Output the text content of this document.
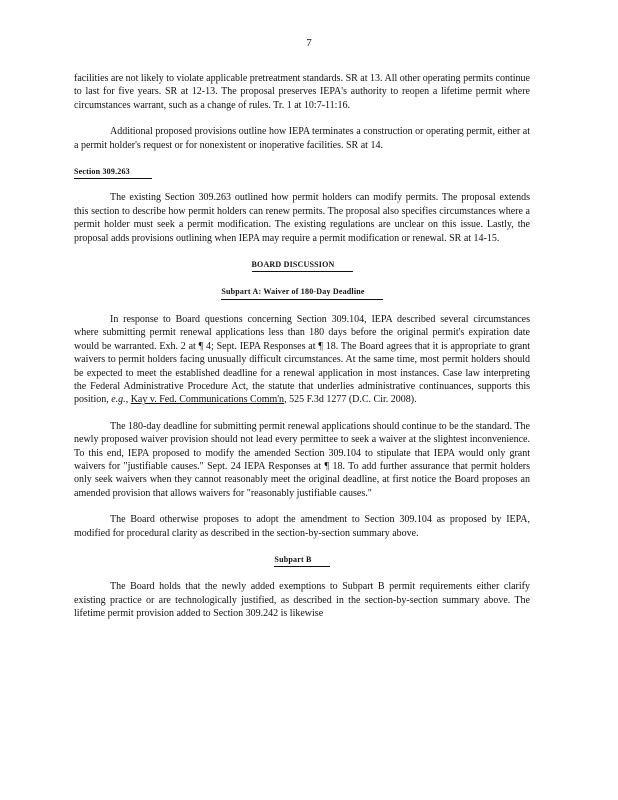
7

facilities are not likely to violate applicable pretreatment standards. SR at 13. All other operating permits continue to last for five years. SR at 12-13. The proposal preserves IEPA's authority to reopen a lifetime permit where circumstances warrant, such as a change of rules. Tr. 1 at 10:7-11:16.

Additional proposed provisions outline how IEPA terminates a construction or operating permit, either at a permit holder's request or for nonexistent or inoperative facilities. SR at 14.

Section 309.263

The existing Section 309.263 outlined how permit holders can modify permits. The proposal extends this section to describe how permit holders can renew permits. The proposal also specifies circumstances where a permit holder must seek a permit modification. The existing regulations are unclear on this issue. Lastly, the proposal adds provisions outlining when IEPA may require a permit modification or renewal. SR at 14-15.

BOARD DISCUSSION
Subpart A: Waiver of 180-Day Deadline

In response to Board questions concerning Section 309.104, IEPA described several circumstances where submitting permit renewal applications less than 180 days before the original permit's expiration date would be warranted. Exh. 2 at ¶ 4; Sept. IEPA Responses at ¶ 18. The Board agrees that it is appropriate to grant waivers to permit holders facing unusually difficult circumstances. At the same time, most permit holders should be expected to meet the established deadline for a renewal application in most instances. Case law interpreting the Federal Administrative Procedure Act, the statute that underlies administrative continuances, supports this position, e.g., Kay v. Fed. Communications Comm'n, 525 F.3d 1277 (D.C. Cir. 2008).

The 180-day deadline for submitting permit renewal applications should continue to be the standard. The newly proposed waiver provision should not lead every permittee to seek a waiver at the slightest inconvenience. To this end, IEPA proposed to modify the amended Section 309.104 to stipulate that IEPA would only grant waivers for "justifiable causes." Sept. 24 IEPA Responses at ¶ 18. To add further assurance that permit holders only seek waivers when they cannot reasonably meet the original deadline, at first notice the Board proposes an amended provision that allows waivers for "reasonably justifiable causes."

The Board otherwise proposes to adopt the amendment to Section 309.104 as proposed by IEPA, modified for procedural clarity as described in the section-by-section summary above.

Subpart B

The Board holds that the newly added exemptions to Subpart B permit requirements either clarify existing practice or are technologically justified, as described in the section-by-section summary above. The lifetime permit provision added to Section 309.242 is likewise
